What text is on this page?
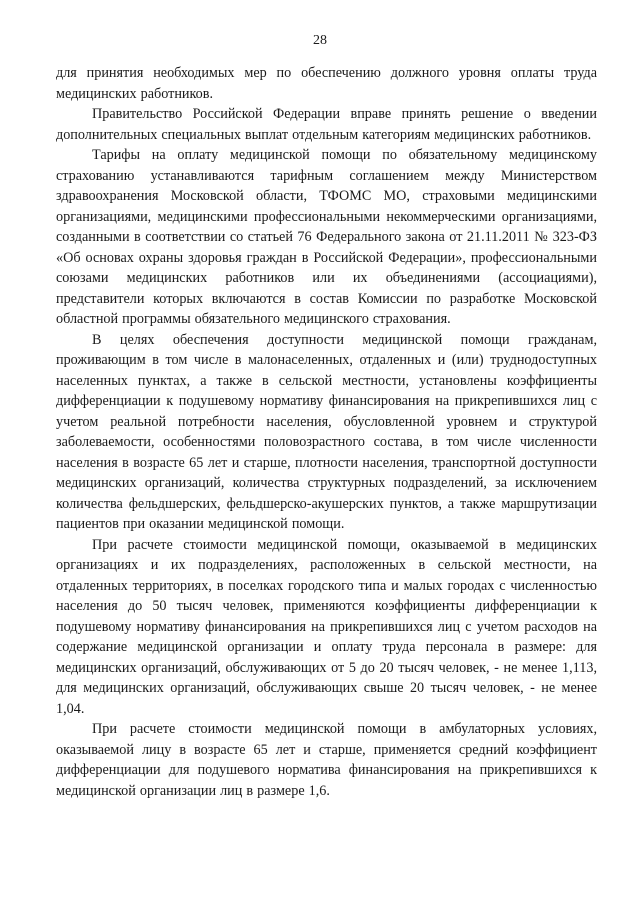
28

для принятия необходимых мер по обеспечению должного уровня оплаты труда медицинских работников.

Правительство Российской Федерации вправе принять решение о введении дополнительных специальных выплат отдельным категориям медицинских работников.

Тарифы на оплату медицинской помощи по обязательному медицинскому страхованию устанавливаются тарифным соглашением между Министерством здравоохранения Московской области, ТФОМС МО, страховыми медицинскими организациями, медицинскими профессиональными некоммерческими организациями, созданными в соответствии со статьей 76 Федерального закона от 21.11.2011 № 323-ФЗ «Об основах охраны здоровья граждан в Российской Федерации», профессиональными союзами медицинских работников или их объединениями (ассоциациями), представители которых включаются в состав Комиссии по разработке Московской областной программы обязательного медицинского страхования.

В целях обеспечения доступности медицинской помощи гражданам, проживающим в том числе в малонаселенных, отдаленных и (или) труднодоступных населенных пунктах, а также в сельской местности, установлены коэффициенты дифференциации к подушевому нормативу финансирования на прикрепившихся лиц с учетом реальной потребности населения, обусловленной уровнем и структурой заболеваемости, особенностями половозрастного состава, в том числе численности населения в возрасте 65 лет и старше, плотности населения, транспортной доступности медицинских организаций, количества структурных подразделений, за исключением количества фельдшерских, фельдшерско-акушерских пунктов, а также маршрутизации пациентов при оказании медицинской помощи.

При расчете стоимости медицинской помощи, оказываемой в медицинских организациях и их подразделениях, расположенных в сельской местности, на отдаленных территориях, в поселках городского типа и малых городах с численностью населения до 50 тысяч человек, применяются коэффициенты дифференциации к подушевому нормативу финансирования на прикрепившихся лиц с учетом расходов на содержание медицинской организации и оплату труда персонала в размере: для медицинских организаций, обслуживающих от 5 до 20 тысяч человек, - не менее 1,113, для медицинских организаций, обслуживающих свыше 20 тысяч человек, - не менее 1,04.

При расчете стоимости медицинской помощи в амбулаторных условиях, оказываемой лицу в возрасте 65 лет и старше, применяется средний коэффициент дифференциации для подушевого норматива финансирования на прикрепившихся к медицинской организации лиц в размере 1,6.
